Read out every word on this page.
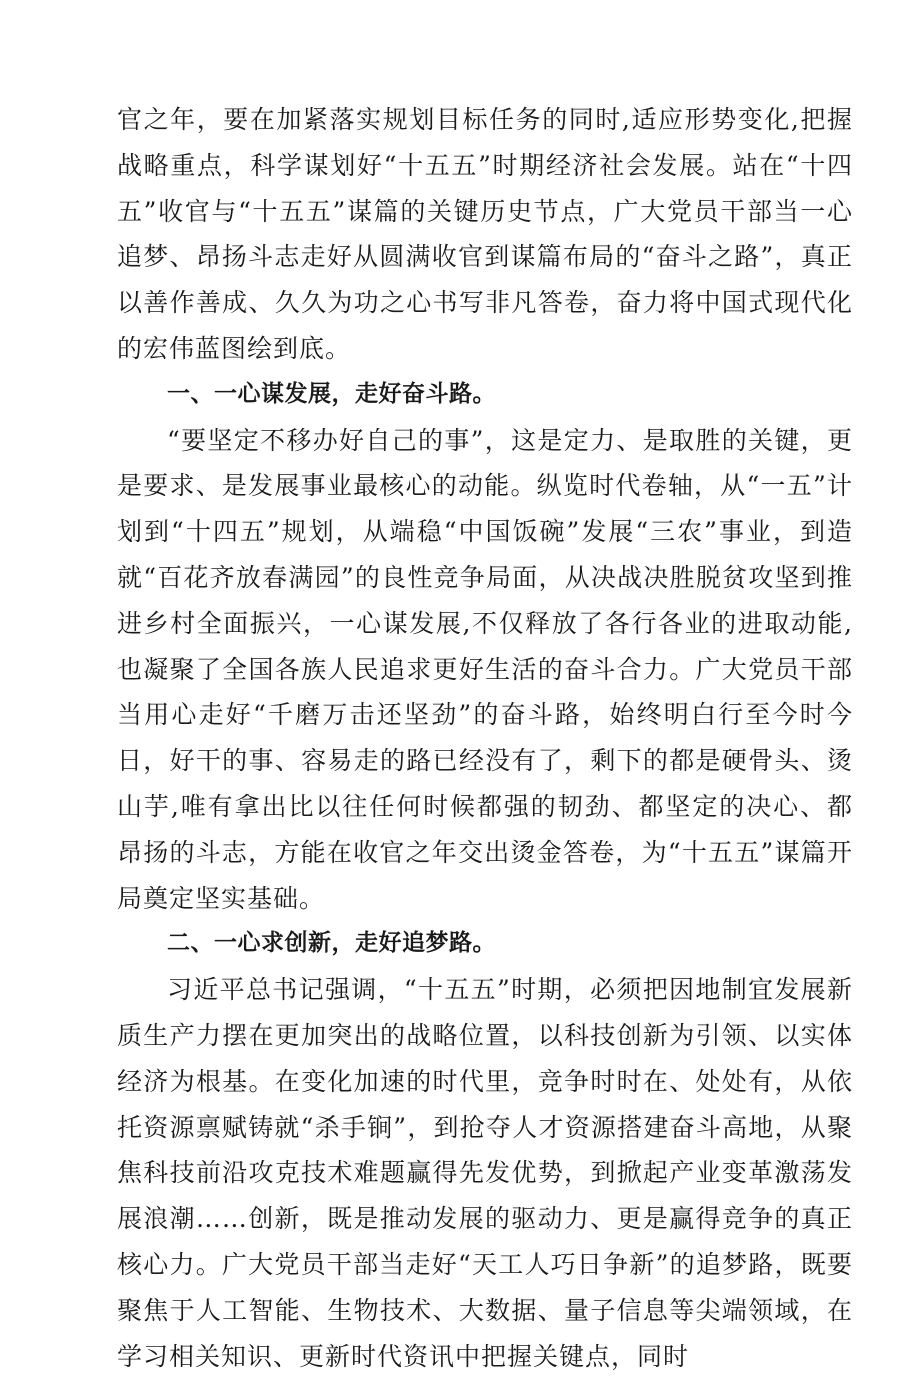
官之年，要在加紧落实规划目标任务的同时,适应形势变化,把握战略重点，科学谋划好“十五五”时期经济社会发展。站在“十四五”收官与“十五五”谋篇的关键历史节点，广大党员干部当一心追梦、昂扬斗志走好从圆满收官到谋篇布局的“奋斗之路”，真正以善作善成、久久为功之心书写非凡答卷，奋力将中国式现代化的宏伟蓝图绘到底。

一、一心谋发展，走好奋斗路。

“要坚定不移办好自己的事”，这是定力、是取胜的关键，更是要求、是发展事业最核心的动能。纵览时代卷轴，从“一五”计划到“十四五”规划，从端稳“中国饭碗”发展“三农”事业，到造就“百花齐放春满园”的良性竞争局面，从决战决胜脱贫攻坚到推进乡村全面振兴，一心谋发展,不仅释放了各行各业的进取动能,也凝聚了全国各族人民追求更好生活的奋斗合力。广大党员干部当用心走好“千磨万击还坚劲”的奋斗路，始终明白行至今时今日，好干的事、容易走的路已经没有了，剩下的都是硬骨头、烫山芋,唯有拿出比以往任何时候都强的韧劲、都坚定的决心、都昂扬的斗志，方能在收官之年交出烫金答卷，为“十五五”谋篇开局奠定坚实基础。

二、一心求创新，走好追梦路。

习近平总书记强调，“十五五”时期，必须把因地制宜发展新质生产力摆在更加突出的战略位置，以科技创新为引领、以实体经济为根基。在变化加速的时代里，竞争时时在、处处有，从依托资源禀赋铸就“杀手锏”，到抢夺人才资源搭建奋斗高地，从聚焦科技前沿攻克技术难题赢得先发优势，到掀起产业变革激荡发展浪潮……创新，既是推动发展的驱动力、更是赢得竞争的真正核心力。广大党员干部当走好“天工人巧日争新”的追梦路，既要聚焦于人工智能、生物技术、大数据、量子信息等尖端领域，在学习相关知识、更新时代资讯中把握关键点，同时
